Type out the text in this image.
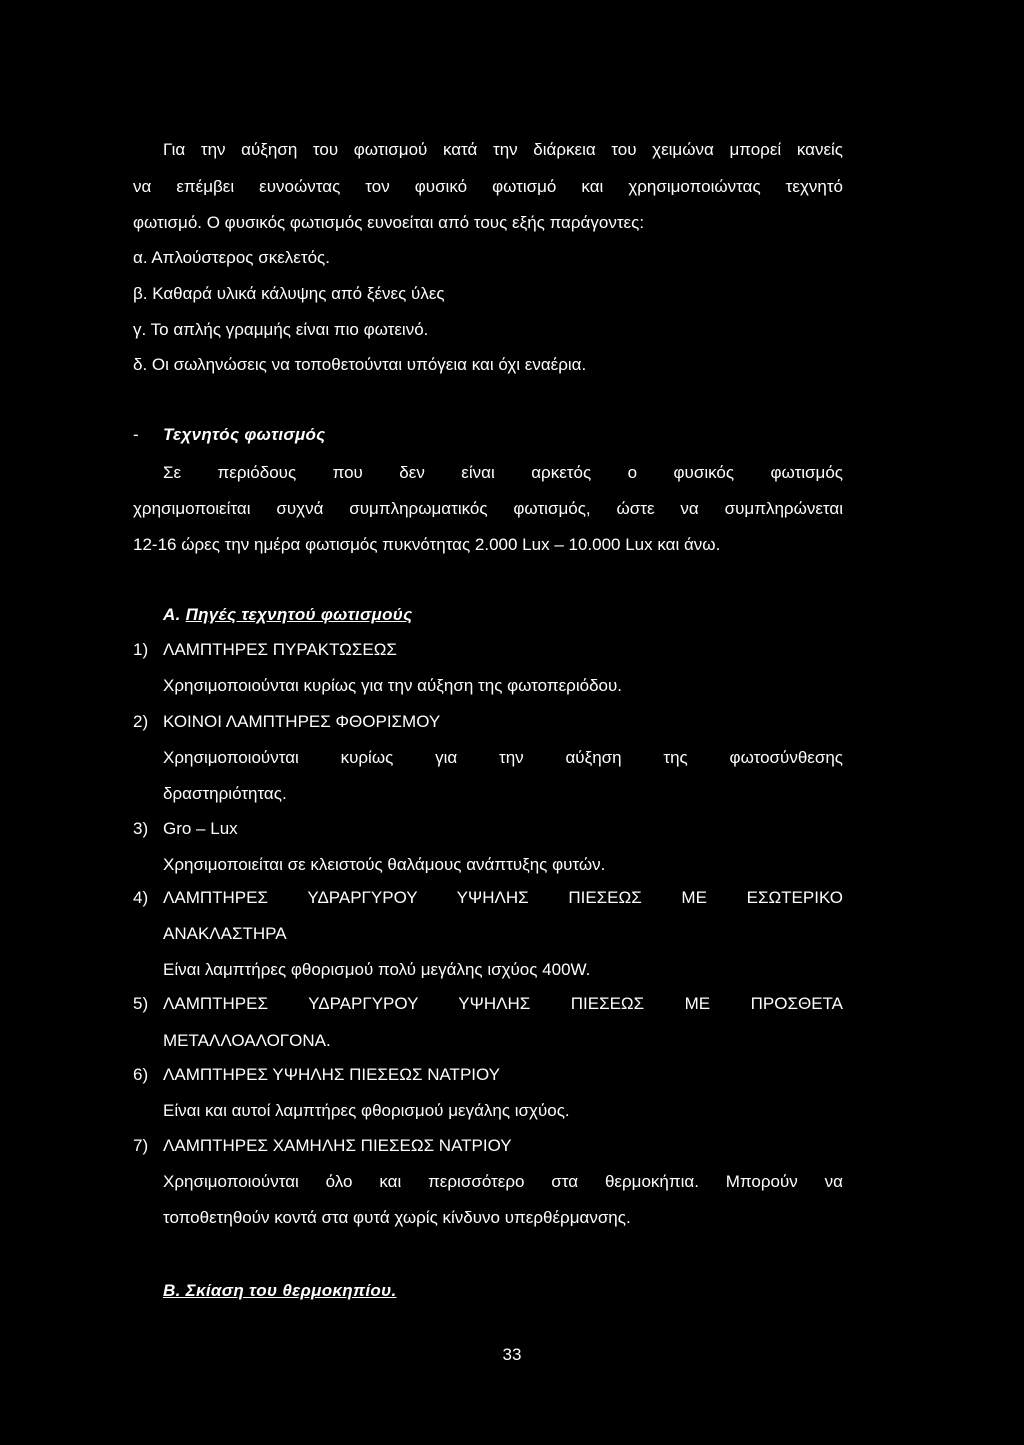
Για την αύξηση του φωτισμού κατά την διάρκεια του χειμώνα μπορεί κανείς
να επέμβει ευνοώντας τον φυσικό φωτισμό και χρησιμοποιώντας τεχνητό
φωτισμό. Ο φυσικός φωτισμός ευνοείται από τους εξής παράγοντες:
α. Απλούστερος σκελετός.
β. Καθαρά υλικά κάλυψης από ξένες ύλες
γ. Το απλής γραμμής είναι πιο φωτεινό.
δ. Οι σωληνώσεις να τοποθετούνται υπόγεια και όχι εναέρια.
- Τεχνητός φωτισμός
Σε περιόδους που δεν είναι αρκετός ο φυσικός φωτισμός
χρησιμοποιείται συχνά συμπληρωματικός φωτισμός, ώστε να συμπληρώνεται
12-16 ώρες την ημέρα φωτισμός πυκνότητας 2.000 Lux – 10.000 Lux και άνω.
Α. Πηγές τεχνητού φωτισμούς
1) ΛΑΜΠΤΗΡΕΣ ΠΥΡΑΚΤΩΣΕΩΣ
Χρησιμοποιούνται κυρίως για την αύξηση της φωτοπεριόδου.
2) ΚΟΙΝΟΙ ΛΑΜΠΤΗΡΕΣ ΦΘΟΡΙΣΜΟΥ
Χρησιμοποιούνται κυρίως για την αύξηση της φωτοσύνθεσης
δραστηριότητας.
3) Gro – Lux
Χρησιμοποιείται σε κλειστούς θαλάμους ανάπτυξης φυτών.
4) ΛΑΜΠΤΗΡΕΣ ΥΔΡΑΡΓΥΡΟΥ ΥΨΗΛΗΣ ΠΙΕΣΕΩΣ ΜΕ ΕΣΩΤΕΡΙΚΟ
ΑΝΑΚΛΑΣΤΗΡΑ
Είναι λαμπτήρες φθορισμού πολύ μεγάλης ισχύος 400W.
5) ΛΑΜΠΤΗΡΕΣ ΥΔΡΑΡΓΥΡΟΥ ΥΨΗΛΗΣ ΠΙΕΣΕΩΣ ΜΕ ΠΡΟΣΘΕΤΑ
ΜΕΤΑΛΛΟΑΛΟΓΟΝΑ.
6) ΛΑΜΠΤΗΡΕΣ ΥΨΗΛΗΣ ΠΙΕΣΕΩΣ ΝΑΤΡΙΟΥ
Είναι και αυτοί λαμπτήρες φθορισμού μεγάλης ισχύος.
7) ΛΑΜΠΤΗΡΕΣ ΧΑΜΗΛΗΣ ΠΙΕΣΕΩΣ ΝΑΤΡΙΟΥ
Χρησιμοποιούνται όλο και περισσότερο στα θερμοκήπια. Μπορούν να
τοποθετηθούν κοντά στα φυτά χωρίς κίνδυνο υπερθέρμανσης.
Β. Σκίαση του θερμοκηπίου.
33
